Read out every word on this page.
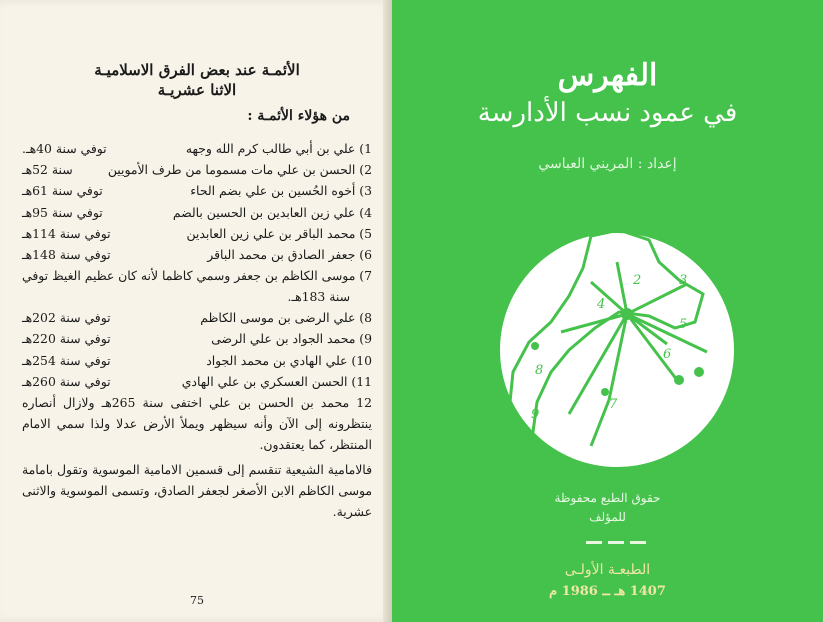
الأئمـة عند بعض الفرق الاسلاميـة

الاثنا عشريـة

من هؤلاء الأئمـة :

1) علي بن أبي طالب كرم الله وجهه
توفي سنة 40هـ.
2) الحسن بن علي مات مسموما من طرف الأمويين
سنة 52هـ
3) أخوه الحُسين بن علي بضم الحاء
توفي سنة 61هـ
4) علي زين العابدين بن الحسين بالضم
توفي سنة 95هـ
5) محمد الباقر بن علي زين العابدين
توفي سنة 114هـ
6) جعفر الصادق بن محمد الباقر
توفي سنة 148هـ
7) موسى الكاظم بن جعفر وسمي كاظما لأنه كان عظيم الغيظ توفي
سنة 183هـ.
8) علي الرضى بن موسى الكاظم
توفي سنة 202هـ
9) محمد الجواد بن علي الرضى
توفي سنة 220هـ
10) علي الهادي بن محمد الجواد
توفي سنة 254هـ
11) الحسن العسكري بن علي الهادي
توفي سنة 260هـ
12 محمد بن الحسن بن علي اختفى سنة 265هـ ولازال أنصاره ينتظرونه إلى الآن وأنه سيظهر ويملأ الأرض عدلا ولذا سمي الامام المنتظر، كما يعتقدون.

فالامامية الشيعية تنقسم إلى قسمين الامامية الموسوية وتقول بامامة موسى الكاظم الابن الأصغر لجعفر الصادق، وتسمى الموسوية والاثنى عشرية.

75
الفهرس
في عمود نسب الأدارسة
إعداد : المريني العباسي
2	3
4
5
6
7
8
9
حقوق الطبع محفوظة
للمؤلف
الطبعـة الأولـى
1407 هـ ــ 1986 م
